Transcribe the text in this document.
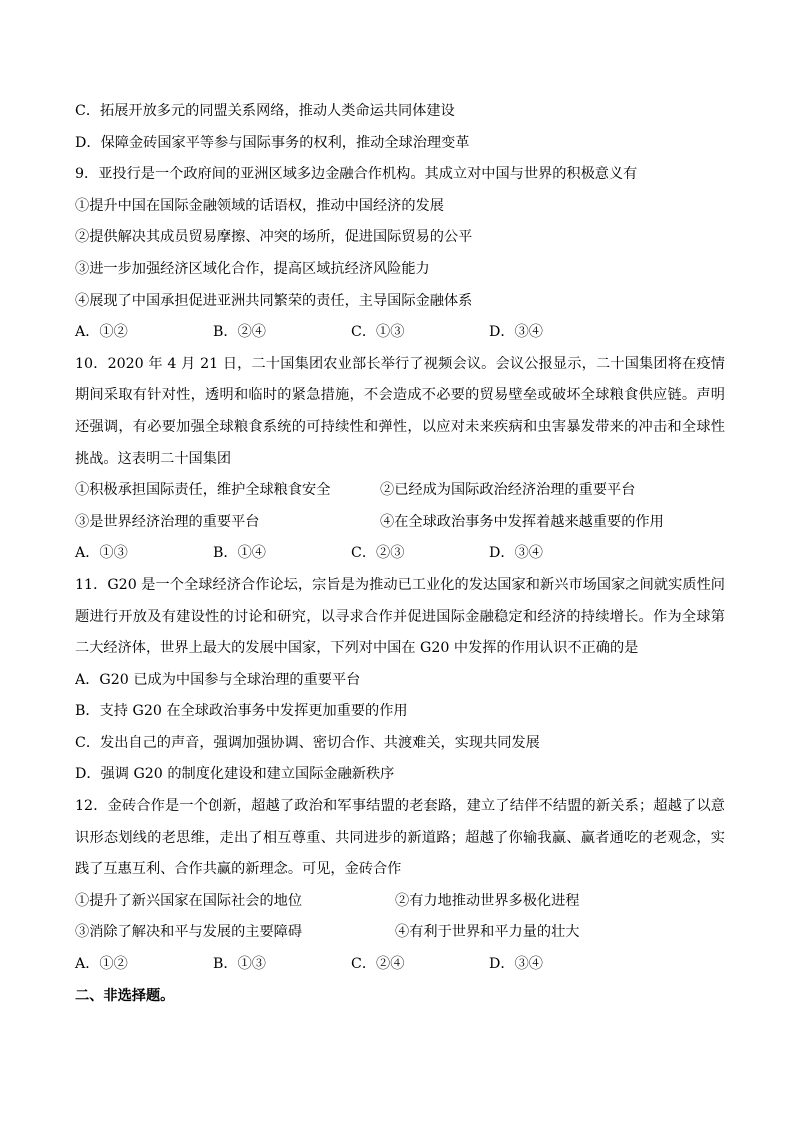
C．拓展开放多元的同盟关系网络，推动人类命运共同体建设
D．保障金砖国家平等参与国际事务的权利，推动全球治理变革
9．亚投行是一个政府间的亚洲区域多边金融合作机构。其成立对中国与世界的积极意义有
①提升中国在国际金融领域的话语权，推动中国经济的发展
②提供解决其成员贸易摩擦、冲突的场所，促进国际贸易的公平
③进一步加强经济区域化合作，提高区域抗经济风险能力
④展现了中国承担促进亚洲共同繁荣的责任，主导国际金融体系
A．①②	B．②④	C．①③	D．③④
10．2020 年 4 月 21 日，二十国集团农业部长举行了视频会议。会议公报显示，二十国集团将在疫情期间采取有针对性，透明和临时的紧急措施，不会造成不必要的贸易壁垒或破坏全球粮食供应链。声明还强调，有必要加强全球粮食系统的可持续性和弹性，以应对未来疾病和虫害暴发带来的冲击和全球性挑战。这表明二十国集团
①积极承担国际责任，维护全球粮食安全	②已经成为国际政治经济治理的重要平台
③是世界经济治理的重要平台	④在全球政治事务中发挥着越来越重要的作用
A．①③	B．①④	C．②③	D．③④
11．G20 是一个全球经济合作论坛，宗旨是为推动已工业化的发达国家和新兴市场国家之间就实质性问题进行开放及有建设性的讨论和研究，以寻求合作并促进国际金融稳定和经济的持续增长。作为全球第二大经济体，世界上最大的发展中国家，下列对中国在 G20 中发挥的作用认识不正确的是
A．G20 已成为中国参与全球治理的重要平台
B．支持 G20 在全球政治事务中发挥更加重要的作用
C．发出自己的声音，强调加强协调、密切合作、共渡难关，实现共同发展
D．强调 G20 的制度化建设和建立国际金融新秩序
12．金砖合作是一个创新，超越了政治和军事结盟的老套路，建立了结伴不结盟的新关系；超越了以意识形态划线的老思维，走出了相互尊重、共同进步的新道路；超越了你输我赢、赢者通吃的老观念，实践了互惠互利、合作共赢的新理念。可见，金砖合作
①提升了新兴国家在国际社会的地位	②有力地推动世界多极化进程
③消除了解决和平与发展的主要障碍	④有利于世界和平力量的壮大
A．①②	B．①③	C．②④	D．③④
二、非选择题。
